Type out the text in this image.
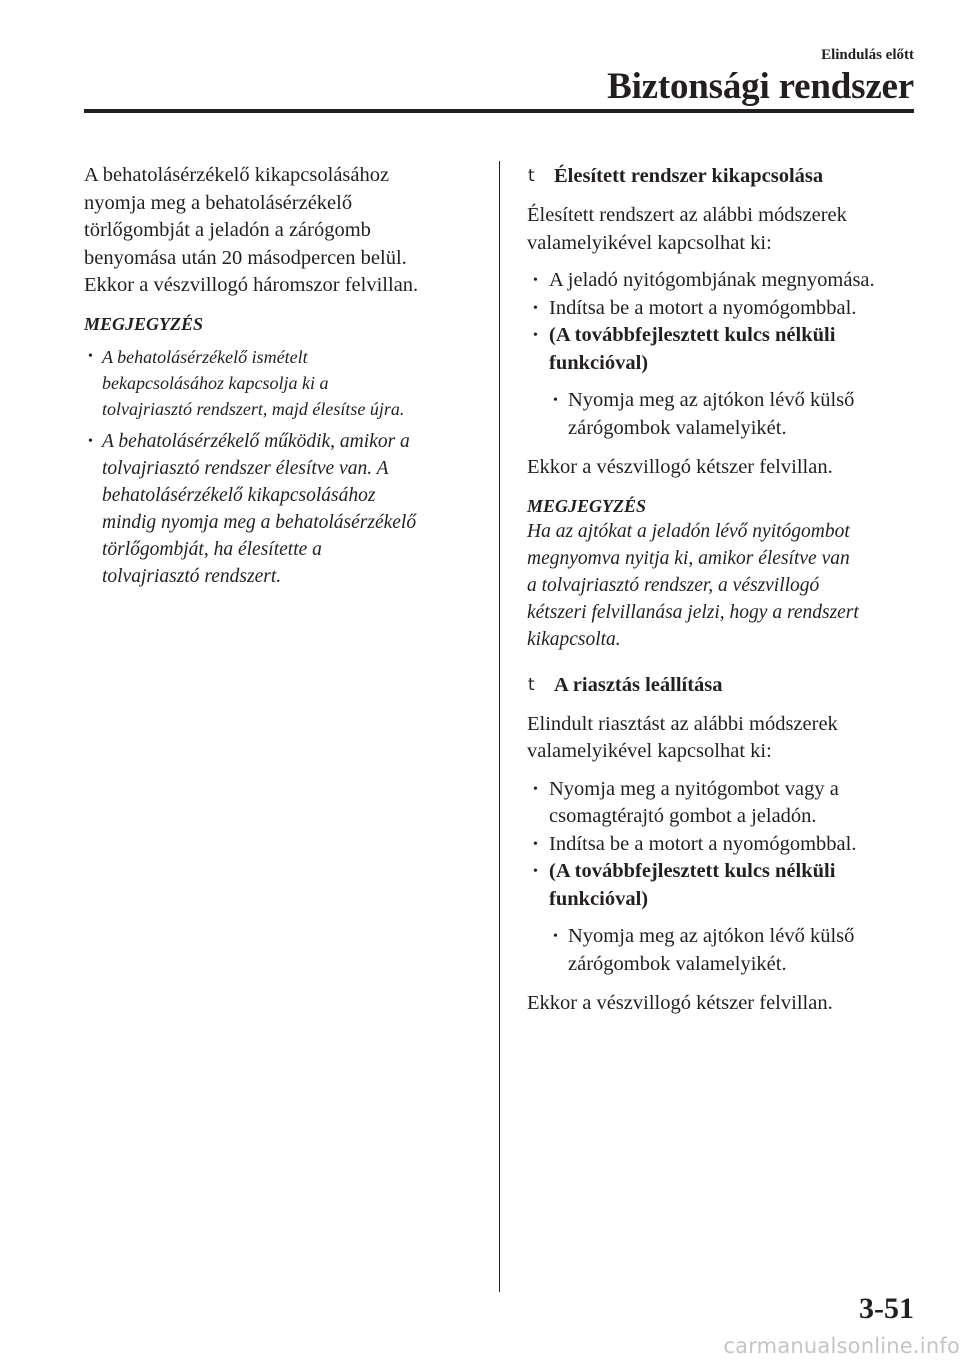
Elindulás előtt
Biztonsági rendszer

A behatolásérzékelő kikapcsolásához
nyomja meg a behatolásérzékelő
törlőgombját a jeladón a zárógomb
benyomása után 20 másodpercen belül.
Ekkor a vészvillogó háromszor felvillan.

MEGJEGYZÉS

• A behatolásérzékelő ismételt
bekapcsolásához kapcsolja ki a
tolvajriasztó rendszert, majd élesítse újra.
• A behatolásérzékelő működik, amikor a
tolvajriasztó rendszer élesítve van. A
behatolásérzékelő kikapcsolásához
mindig nyomja meg a behatolásérzékelő
törlőgombját, ha élesítette a
tolvajriasztó rendszert.
t Élesített rendszer kikapcsolása

Élesített rendszert az alábbi módszerek
valamelyikével kapcsolhat ki:

• A jeladó nyitógombjának megnyomása.
• Indítsa be a motort a nyomógombbal.
• (A továbbfejlesztett kulcs nélküli
funkcióval)
• Nyomja meg az ajtókon lévő külső
zárógombok valamelyikét.

Ekkor a vészvillogó kétszer felvillan.

MEGJEGYZÉS

Ha az ajtókat a jeladón lévő nyitógombot
megnyomva nyitja ki, amikor élesítve van
a tolvajriasztó rendszer, a vészvillogó
kétszeri felvillanása jelzi, hogy a rendszert
kikapcsolta.

t A riasztás leállítása

Elindult riasztást az alábbi módszerek
valamelyikével kapcsolhat ki:

• Nyomja meg a nyitógombot vagy a
csomagtérajtó gombot a jeladón.
• Indítsa be a motort a nyomógombbal.
• (A továbbfejlesztett kulcs nélküli
funkcióval)
• Nyomja meg az ajtókon lévő külső
zárógombok valamelyikét.

Ekkor a vészvillogó kétszer felvillan.

3-51
carmanualsonline.info
